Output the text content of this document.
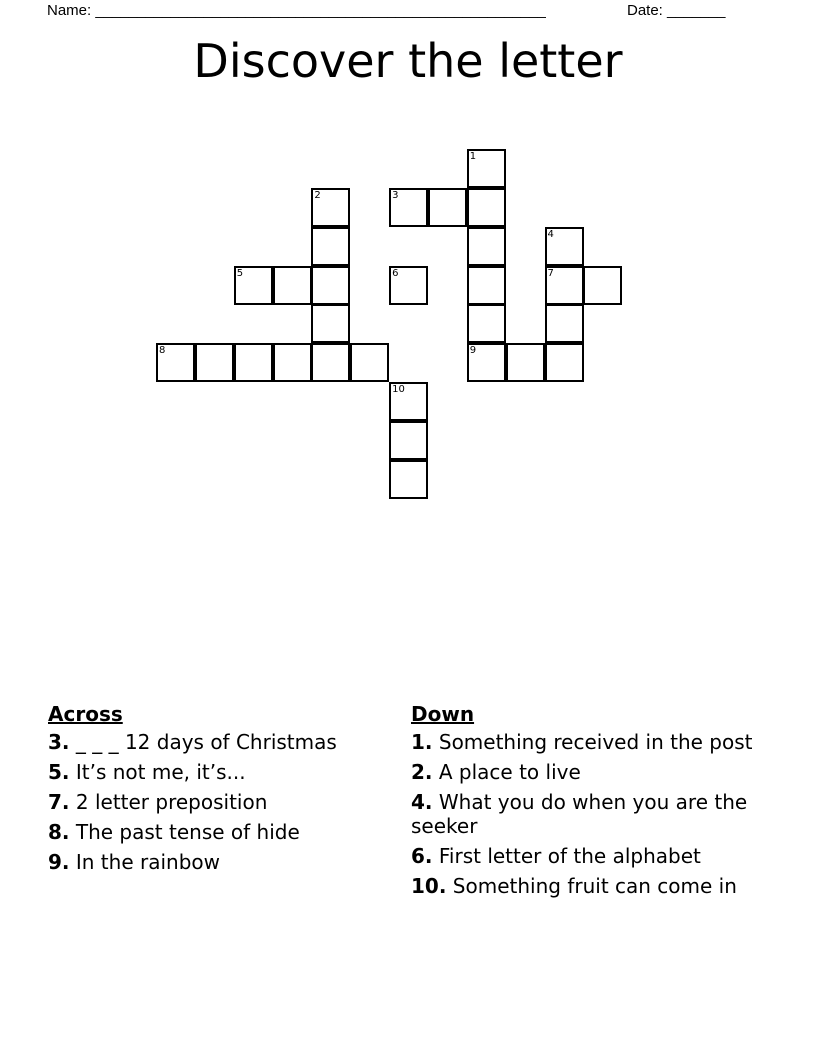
Name: ______________________________________________________	Date: _______
Discover the letter
1
9
3
2
5	6
4
7
8
10
Across
3. _ _ _ 12 days of Christmas
5. It’s not me, it’s...
7. 2 letter preposition
8. The past tense of hide
9. In the rainbow
Down
1. Something received in the post
2. A place to live
4. What you do when you are the seeker
6. First letter of the alphabet
10. Something fruit can come in
